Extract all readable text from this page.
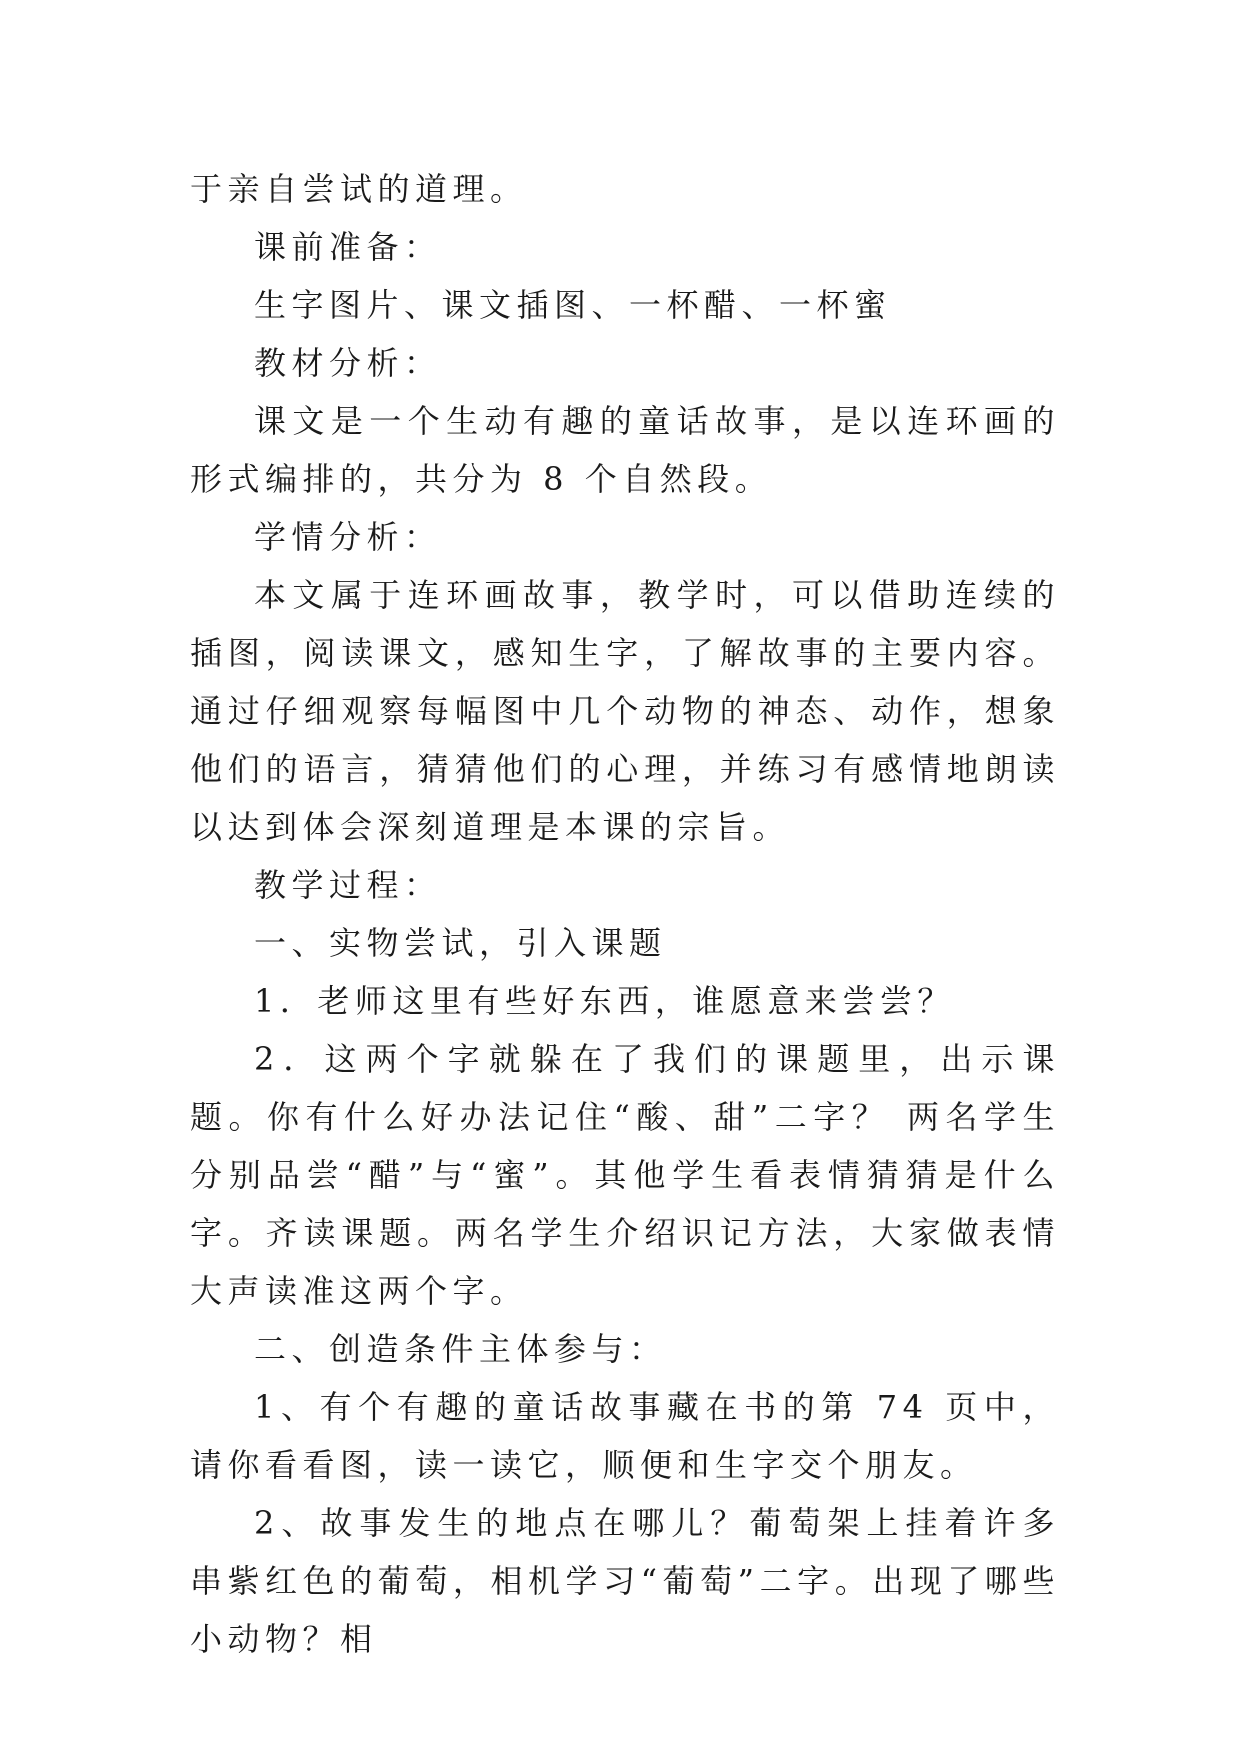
于亲自尝试的道理。

课前准备：

生字图片、课文插图、一杯醋、一杯蜜

教材分析：

课文是一个生动有趣的童话故事，是以连环画的形式编排的，共分为 8 个自然段。

学情分析：

本文属于连环画故事，教学时，可以借助连续的插图，阅读课文，感知生字，了解故事的主要内容。通过仔细观察每幅图中几个动物的神态、动作，想象他们的语言，猜猜他们的心理，并练习有感情地朗读以达到体会深刻道理是本课的宗旨。

教学过程：

一、实物尝试，引入课题

1．老师这里有些好东西，谁愿意来尝尝？

2．这两个字就躲在了我们的课题里，出示课题。你有什么好办法记住“酸、甜”二字？ 两名学生分别品尝“醋”与“蜜”。其他学生看表情猜猜是什么字。齐读课题。两名学生介绍识记方法，大家做表情大声读准这两个字。

二、创造条件主体参与：

1、有个有趣的童话故事藏在书的第 74 页中，请你看看图，读一读它，顺便和生字交个朋友。

2、故事发生的地点在哪儿？葡萄架上挂着许多串紫红色的葡萄，相机学习“葡萄”二字。出现了哪些小动物？相
